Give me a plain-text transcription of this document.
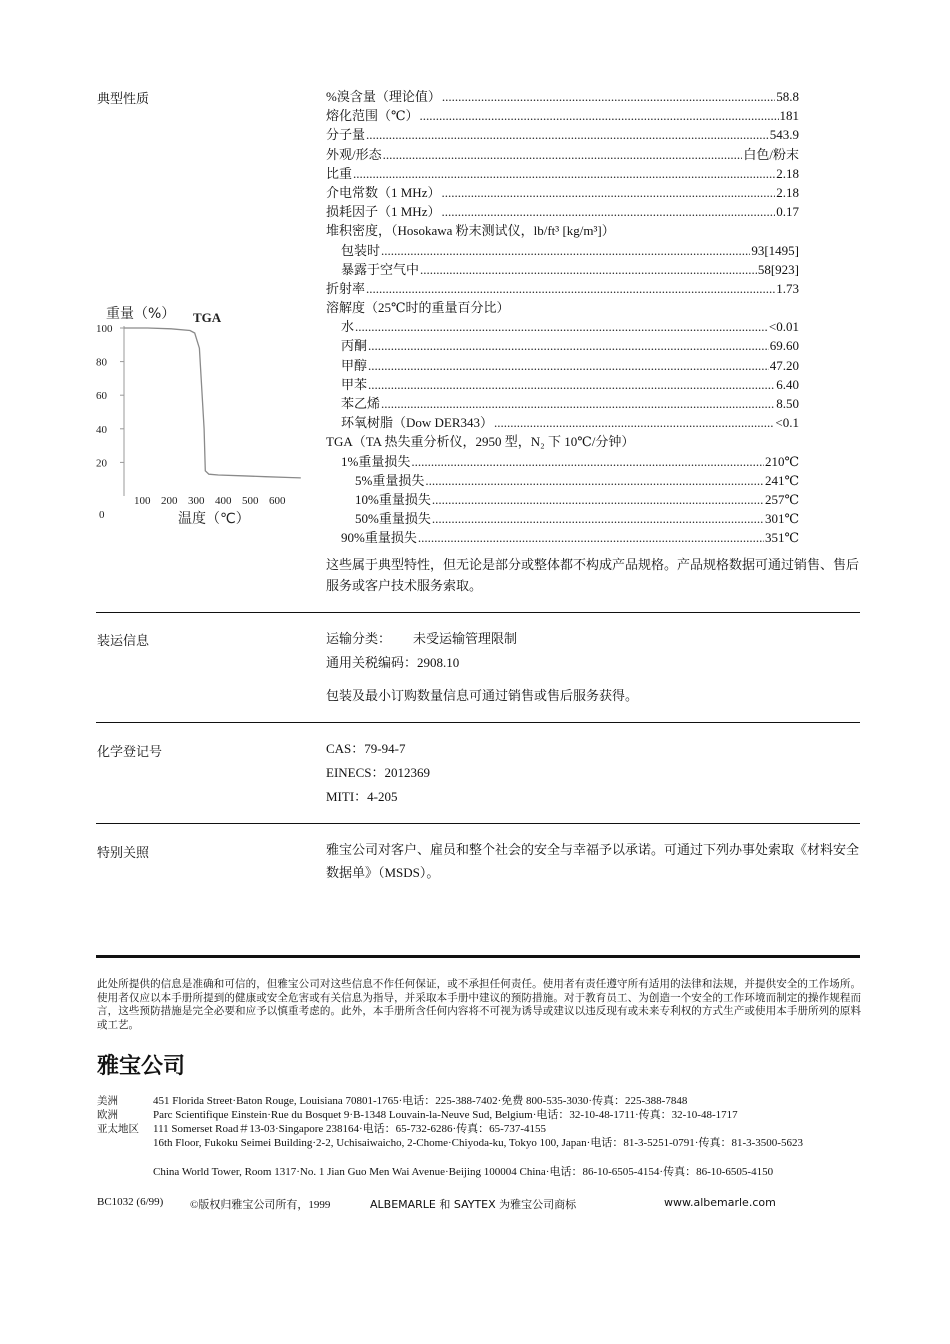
典型性质	%溴含量（理论值） .....	58.8
熔化范围（℃） .....	181
分子量 .....	543.9
外观/形态 .....	白色/粉末
比重 .....	2.18
介电常数（1 MHz） .....	2.18
损耗因子（1 MHz） .....	0.17
堆积密度，（Hosokawa 粉末测试仪，lb/ft³ [kg/m³]）
包装时 .....	93[1495]
暴露于空气中 .....	58[923]
折射率 .....	1.73
溶解度（25℃时的重量百分比）
水 .....	<0.01
丙酮 .....	69.60
甲醇 .....	47.20
甲苯 .....	6.40
苯乙烯 .....	8.50
环氧树脂（Dow DER343） .....	<0.1
TGA（TA 热失重分析仪，2950 型，N₂ 下 10℃/分钟）
1%重量损失 .....	210℃
5%重量损失 .....	241℃
10%重量损失 .....	257℃
50%重量损失 .....	301℃
90%重量损失 .....	351℃
重量（%） TGA
温度（℃）
0
100
80
60
40
20
100 200 300 400 500 600
这些属于典型特性，但无论是部分或整体都不构成产品规格。产品规格数据可通过销售、售后服务或客户技术服务索取。
装运信息	运输分类： 未受运输管理限制
通用关税编码：2908.10
包装及最小订购数量信息可通过销售或售后服务获得。
化学登记号	CAS：79-94-7
EINECS：2012369
MITI：4-205
特别关照	雅宝公司对客户、雇员和整个社会的安全与幸福予以承诺。可通过下列办事处索取《材料安全数据单》（MSDS）。
此处所提供的信息是准确和可信的，但雅宝公司对这些信息不作任何保证，或不承担任何责任。使用者有责任遵守所有适用的法律和法规，并提供安全的工作场所。使用者仅应以本手册所提到的健康或安全危害或有关信息为指导，并采取本手册中建议的预防措施。对于教育员工、为创造一个安全的工作环境而制定的操作规程而言，这些预防措施是完全必要和应予以慎重考虑的。此外，本手册所含任何内容将不可视为诱导或建议以违反现有或未来专利权的方式生产或使用本手册所列的原料或工艺。
雅宝公司
美洲	451 Florida Street·Baton Rouge, Louisiana 70801-1765·电话：225-388-7402·免费 800-535-3030·传真：225-388-7848
欧洲	Parc Scientifique Einstein·Rue du Bosquet 9·B-1348 Louvain-la-Neuve Sud, Belgium·电话：32-10-48-1711·传真：32-10-48-1717
亚太地区 111 Somerset Road＃13-03·Singapore 238164·电话：65-732-6286·传真：65-737-4155
16th Floor, Fukoku Seimei Building·2-2, Uchisaiwaicho, 2-Chome·Chiyoda-ku, Tokyo 100, Japan·电话：81-3-5251-0791·传真：81-3-3500-5623
China World Tower, Room 1317·No. 1 Jian Guo Men Wai Avenue·Beijing 100004 China·电话：86-10-6505-4154·传真：86-10-6505-4150
BC1032 (6/99) ©版权归雅宝公司所有，1999	ALBEMARLE 和 SAYTEX 为雅宝公司商标	www.albemarle.com
